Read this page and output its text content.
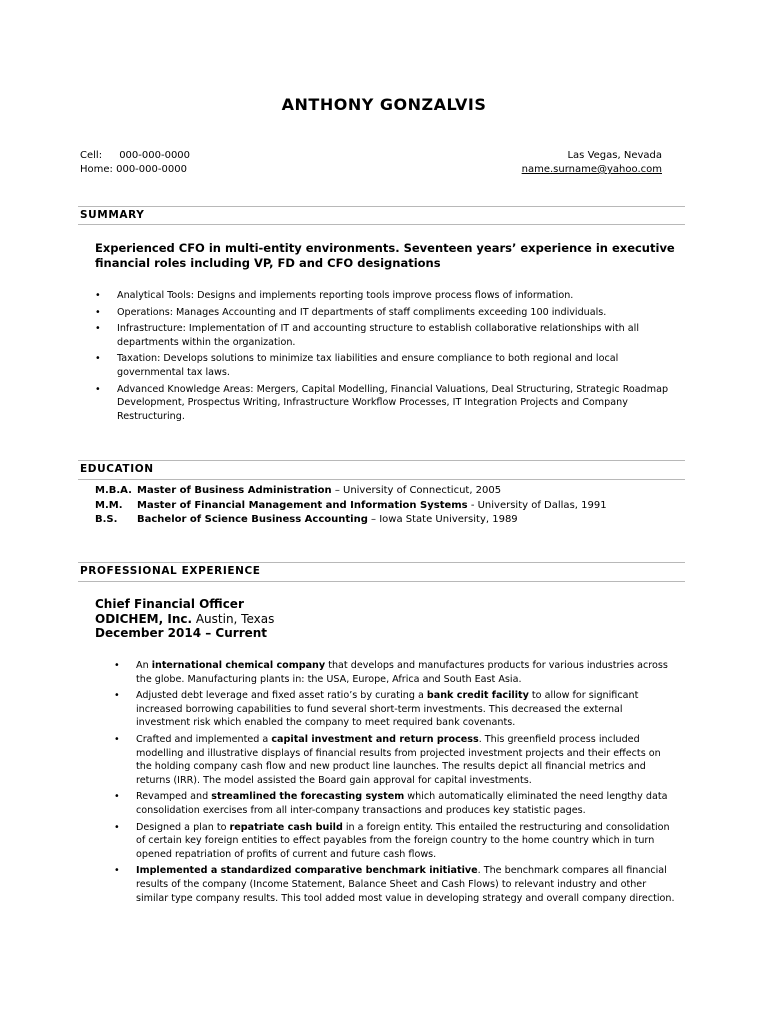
ANTHONY GONZALVIS
Cell: 000-000-0000
Home: 000-000-0000
Las Vegas, Nevada
name.surname@yahoo.com
SUMMARY
Experienced CFO in multi-entity environments. Seventeen years’ experience in executive financial roles including VP, FD and CFO designations
• Analytical Tools: Designs and implements reporting tools improve process flows of information.
• Operations: Manages Accounting and IT departments of staff compliments exceeding 100 individuals.
• Infrastructure: Implementation of IT and accounting structure to establish collaborative relationships with all departments within the organization.
• Taxation: Develops solutions to minimize tax liabilities and ensure compliance to both regional and local governmental tax laws.
• Advanced Knowledge Areas: Mergers, Capital Modelling, Financial Valuations, Deal Structuring, Strategic Roadmap Development, Prospectus Writing, Infrastructure Workflow Processes, IT Integration Projects and Company Restructuring.
EDUCATION
M.B.A. Master of Business Administration – University of Connecticut, 2005
M.M. Master of Financial Management and Information Systems - University of Dallas, 1991
B.S. Bachelor of Science Business Accounting – Iowa State University, 1989
PROFESSIONAL EXPERIENCE
Chief Financial Officer
ODICHEM, Inc. Austin, Texas
December 2014 – Current
• An international chemical company that develops and manufactures products for various industries across the globe. Manufacturing plants in: the USA, Europe, Africa and South East Asia.
• Adjusted debt leverage and fixed asset ratio’s by curating a bank credit facility to allow for significant increased borrowing capabilities to fund several short-term investments. This decreased the external investment risk which enabled the company to meet required bank covenants.
• Crafted and implemented a capital investment and return process. This greenfield process included modelling and illustrative displays of financial results from projected investment projects and their effects on the holding company cash flow and new product line launches. The results depict all financial metrics and returns (IRR). The model assisted the Board gain approval for capital investments.
• Revamped and streamlined the forecasting system which automatically eliminated the need lengthy data consolidation exercises from all inter-company transactions and produces key statistic pages.
• Designed a plan to repatriate cash build in a foreign entity. This entailed the restructuring and consolidation of certain key foreign entities to effect payables from the foreign country to the home country which in turn opened repatriation of profits of current and future cash flows.
• Implemented a standardized comparative benchmark initiative. The benchmark compares all financial results of the company (Income Statement, Balance Sheet and Cash Flows) to relevant industry and other similar type company results. This tool added most value in developing strategy and overall company direction.
